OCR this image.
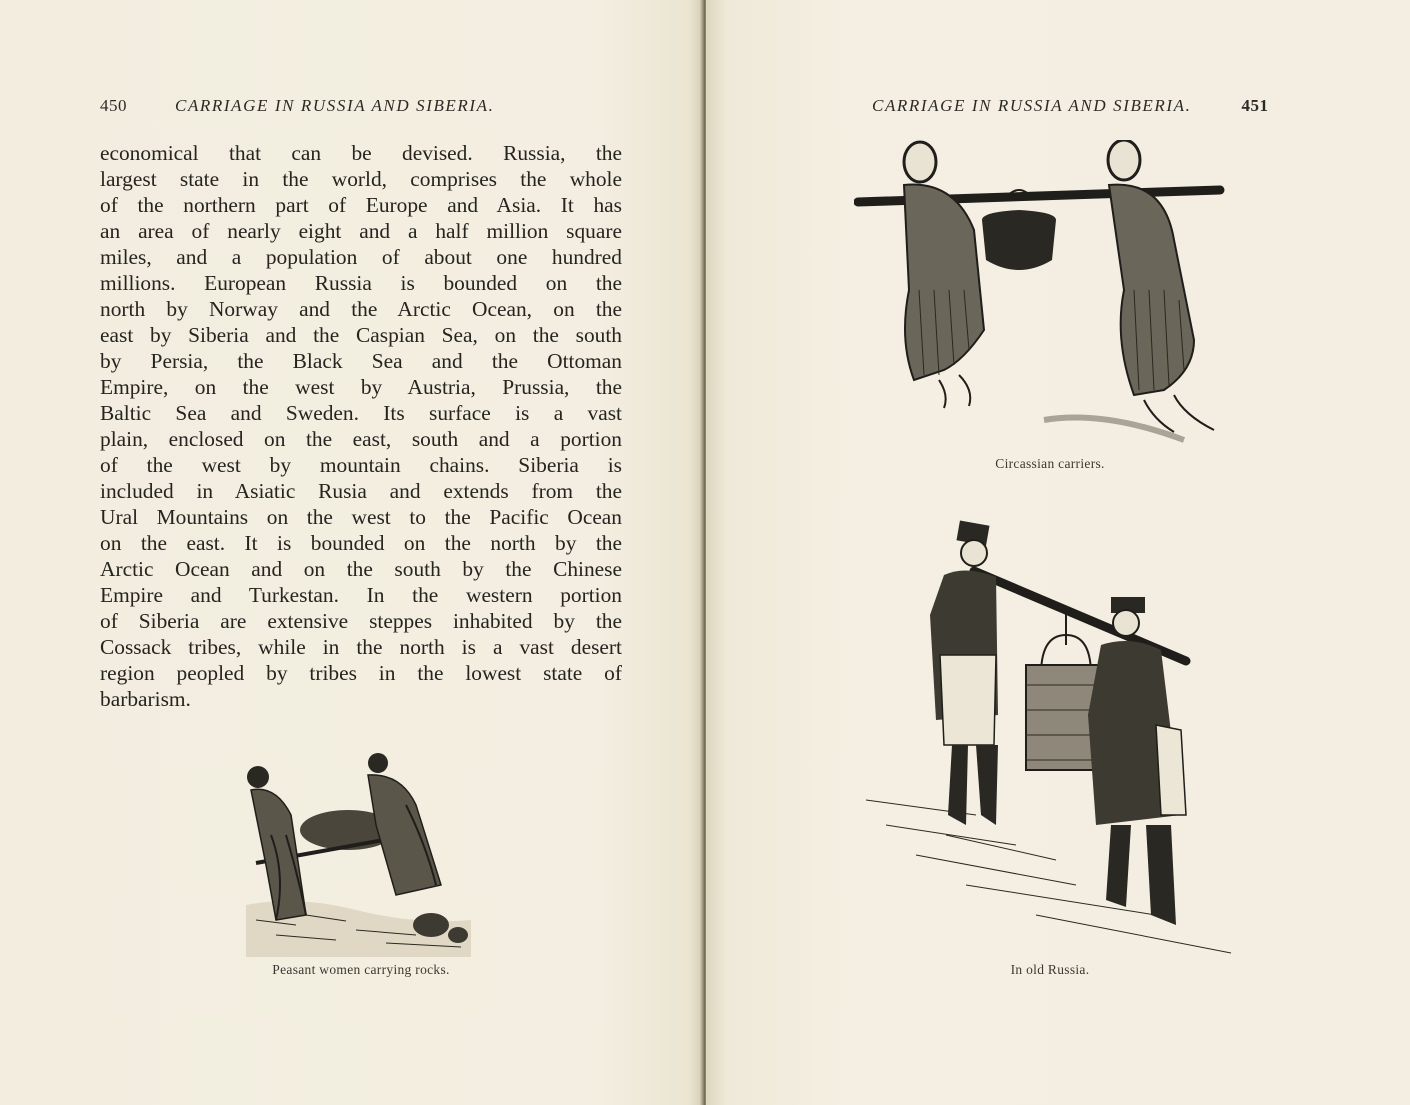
450	CARRIAGE IN RUSSIA AND SIBERIA.
economical that can be devised. Russia, the
largest state in the world, comprises the whole
of the northern part of Europe and Asia. It has
an area of nearly eight and a half million square
miles, and a population of about one hundred
millions. European Russia is bounded on the
north by Norway and the Arctic Ocean, on the
east by Siberia and the Caspian Sea, on the south
by Persia, the Black Sea and the Ottoman
Empire, on the west by Austria, Prussia, the
Baltic Sea and Sweden. Its surface is a vast
plain, enclosed on the east, south and a portion
of the west by mountain chains. Siberia is
included in Asiatic Rusia and extends from the
Ural Mountains on the west to the Pacific Ocean
on the east. It is bounded on the north by the
Arctic Ocean and on the south by the Chinese
Empire and Turkestan. In the western portion
of Siberia are extensive steppes inhabited by the
Cossack tribes, while in the north is a vast desert
region peopled by tribes in the lowest state of
barbarism.
Peasant women carrying rocks.
CARRIAGE IN RUSSIA AND SIBERIA.	451
Circassian carriers.
In old Russia.
